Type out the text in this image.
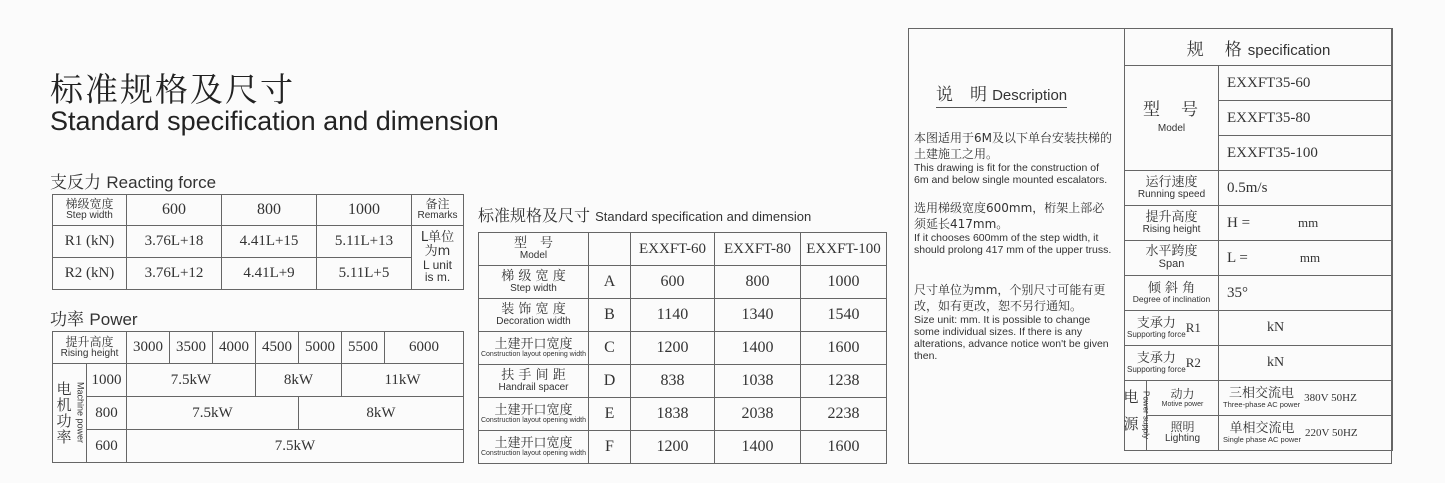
标准规格及尺寸
Standard specification and dimension
支反力 Reacting force
梯级宽度
Step width	600	800	1000	备注
Remarks

R1 (kN)	3.76L+18	4.41L+15	5.11L+13	L单位
为m
L unit
is m.

R2 (kN)	3.76L+12	4.41L+9	5.11L+5	
功率 Power
提升高度
Rising height		3000	3500	4000	4500	5000	5500	6000

电机功率 Machine power	1000	7.5kW			8kW		11kW	
	800	7.5kW				8kW		
	600	7.5kW						
标准规格及尺寸 Standard specification and dimension
型　号
Model		EXXFT-60	EXXFT-80	EXXFT-100

梯 级 宽 度
Step width	A	600	800	1000

装 饰 宽 度
Decoration width	B	1140	1340	1540

土建开口宽度
Construction layout opening width	C	1200	1400	1600

扶 手 间 距
Handrail spacer	D	838	1038	1238

土建开口宽度
Construction layout opening width	E	1838	2038	2238

土建开口宽度
Construction layout opening width	F	1200	1400	1600
说　明 Description
本图适用于6M及以下单台安装扶梯的土建施工之用。
This drawing is fit for the construction of 6m and below single mounted escalators.
选用梯级宽度600mm，桁架上部必须延长417mm。
If it chooses 600mm of the step width, it should prolong 417 mm of the upper truss.
尺寸单位为mm，个别尺寸可能有更改，如有更改，恕不另行通知。
Size unit: mm. It is possible to change some individual sizes. If there is any alterations, advance notice won't be given then.
规　格 specification		

型　号
Model		EXXFT35-60
		EXXFT35-80
		EXXFT35-100

运行速度
Running speed		0.5m/s

提升高度
Rising height		H = mm

水平跨度
Span		L = mm

倾 斜 角
Degree of inclination		35°

支承力
Supporting force R1		kN

支承力
Supporting force R2		kN

电源 Power supply	动力
Motive power	三相交流电
Three-phase AC power
380V 50HZ

	照明
Lighting	单相交流电
Single phase AC power
220V 50HZ
